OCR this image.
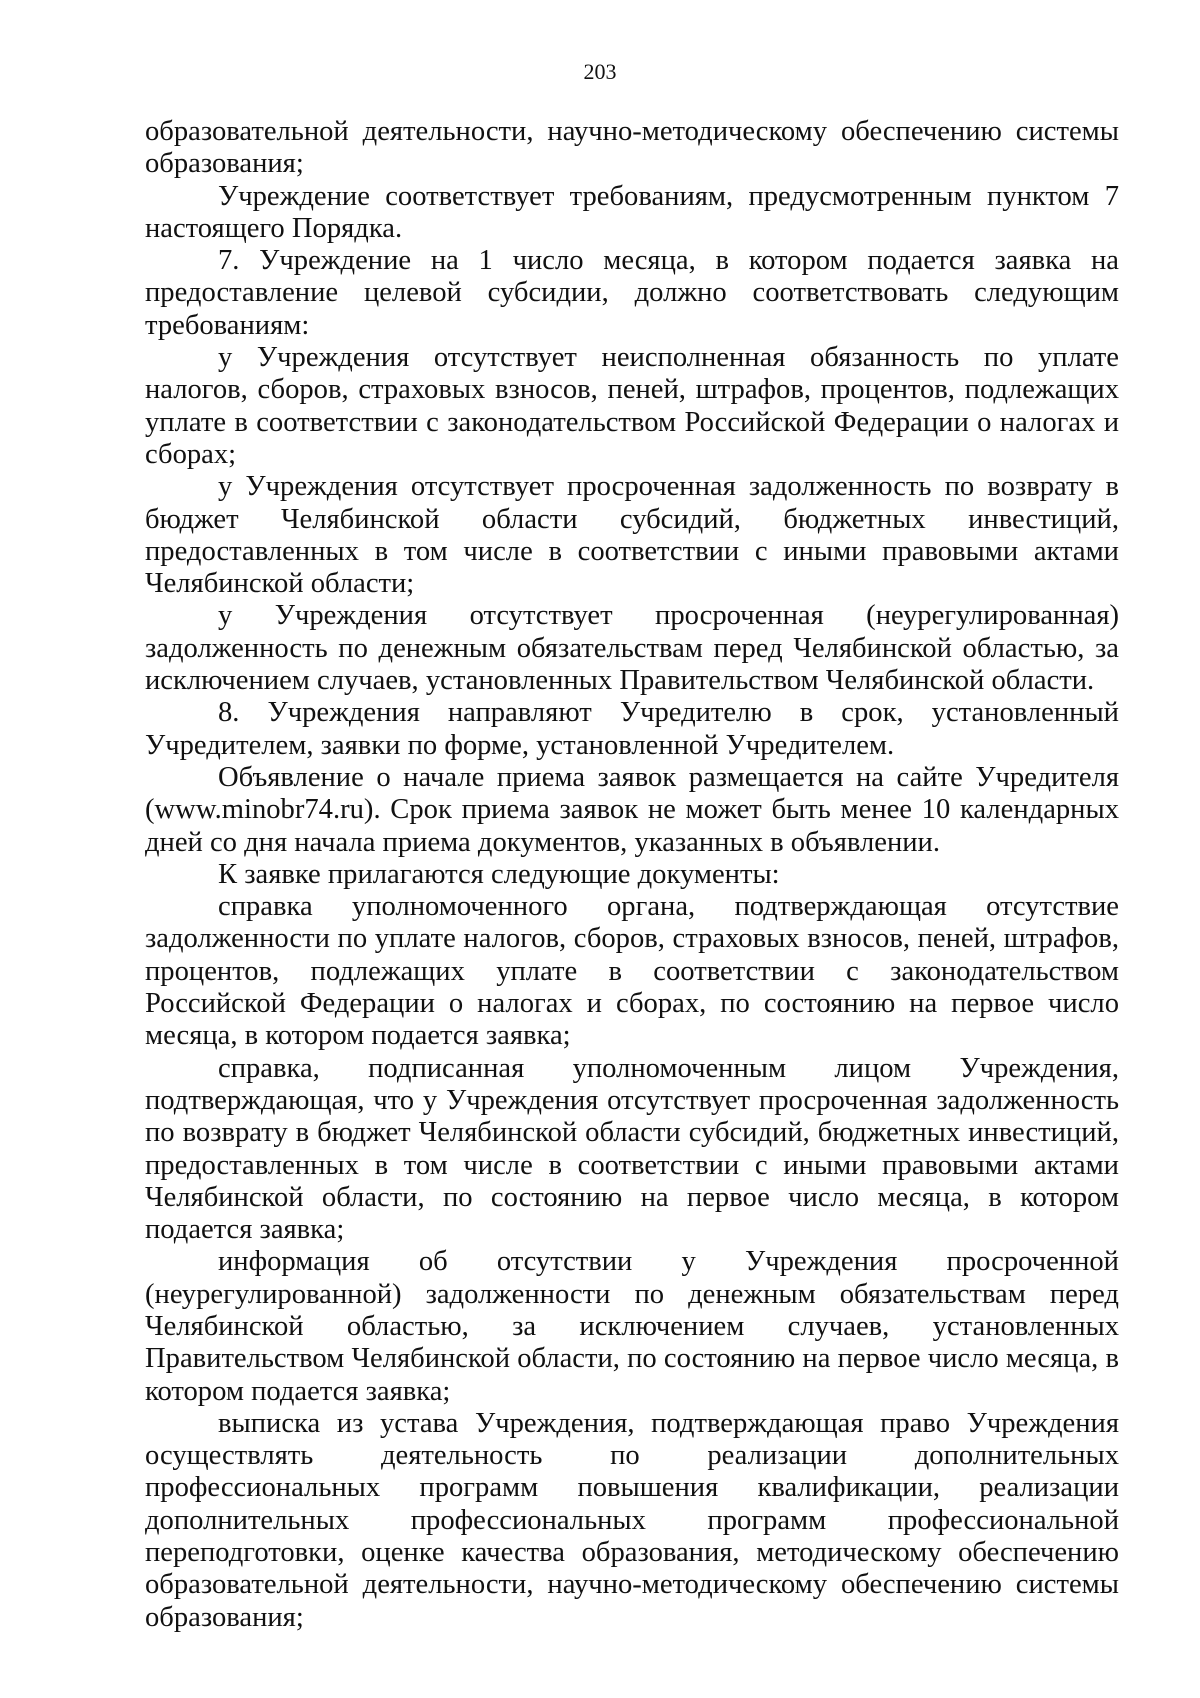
203

образовательной деятельности, научно-методическому обеспечению системы образования;

Учреждение соответствует требованиям, предусмотренным пунктом 7 настоящего Порядка.

7. Учреждение на 1 число месяца, в котором подается заявка на предоставление целевой субсидии, должно соответствовать следующим требованиям:

у Учреждения отсутствует неисполненная обязанность по уплате налогов, сборов, страховых взносов, пеней, штрафов, процентов, подлежащих уплате в соответствии с законодательством Российской Федерации о налогах и сборах;

у Учреждения отсутствует просроченная задолженность по возврату в бюджет Челябинской области субсидий, бюджетных инвестиций, предоставленных в том числе в соответствии с иными правовыми актами Челябинской области;

у Учреждения отсутствует просроченная (неурегулированная) задолженность по денежным обязательствам перед Челябинской областью, за исключением случаев, установленных Правительством Челябинской области.

8. Учреждения направляют Учредителю в срок, установленный Учредителем, заявки по форме, установленной Учредителем.

Объявление о начале приема заявок размещается на сайте Учредителя (www.minobr74.ru). Срок приема заявок не может быть менее 10 календарных дней со дня начала приема документов, указанных в объявлении.

К заявке прилагаются следующие документы:

справка уполномоченного органа, подтверждающая отсутствие задолженности по уплате налогов, сборов, страховых взносов, пеней, штрафов, процентов, подлежащих уплате в соответствии с законодательством Российской Федерации о налогах и сборах, по состоянию на первое число месяца, в котором подается заявка;

справка, подписанная уполномоченным лицом Учреждения, подтверждающая, что у Учреждения отсутствует просроченная задолженность по возврату в бюджет Челябинской области субсидий, бюджетных инвестиций, предоставленных в том числе в соответствии с иными правовыми актами Челябинской области, по состоянию на первое число месяца, в котором подается заявка;

информация об отсутствии у Учреждения просроченной (неурегулированной) задолженности по денежным обязательствам перед Челябинской областью, за исключением случаев, установленных Правительством Челябинской области, по состоянию на первое число месяца, в котором подается заявка;

выписка из устава Учреждения, подтверждающая право Учреждения осуществлять деятельность по реализации дополнительных профессиональных программ повышения квалификации, реализации дополнительных профессиональных программ профессиональной переподготовки, оценке качества образования, методическому обеспечению образовательной деятельности, научно-методическому обеспечению системы образования;
